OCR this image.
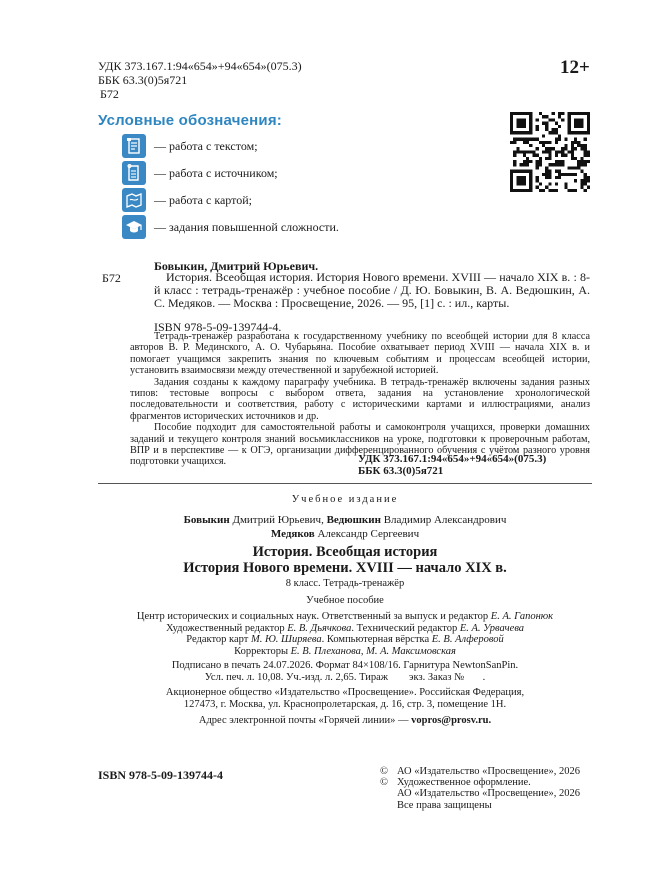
УДК 373.167.1:94«654»+94«654»(075.3)
ББК 63.3(0)5я721
Б72
12+
Условные обозначения:
— работа с текстом;
— работа с источником;
— работа с картой;
— задания повышенной сложности.
Бовыкин, Дмитрий Юрьевич.
Б72	История. Всеобщая история. История Нового времени. XVIII — начало XIX в. : 8-й класс : тетрадь-тренажёр : учебное пособие / Д. Ю. Бовыкин, В. А. Ведюшкин, А. С. Медяков. — Москва : Просвещение, 2026. — 95, [1] с. : ил., карты.
ISBN 978-5-09-139744-4.

Тетрадь-тренажёр разработана к государственному учебнику по всеобщей истории для 8 класса авторов В. Р. Мединского, А. О. Чубарьяна. Пособие охватывает период XVIII — начала XIX в. и помогает учащимся закрепить знания по ключевым событиям и процессам всеобщей истории, установить взаимосвязи между отечественной и зарубежной историей.

Задания созданы к каждому параграфу учебника. В тетрадь-тренажёр включены задания разных типов: тестовые вопросы с выбором ответа, задания на установление хронологической последовательности и соответствия, работу с историческими картами и иллюстрациями, анализ фрагментов исторических источников и др.

Пособие подходит для самостоятельной работы и самоконтроля учащихся, проверки домашних заданий и текущего контроля знаний восьмиклассников на уроке, подготовки к проверочным работам, ВПР и в перспективе — к ОГЭ, организации дифференцированного обучения с учётом разного уровня подготовки учащихся.	УДК 373.167.1:94«654»+94«654»(075.3)
ББК 63.3(0)5я721
Учебное издание
Бовыкин Дмитрий Юрьевич, Ведюшкин Владимир Александрович
Медяков Александр Сергеевич
История. Всеобщая история
История Нового времени. XVIII — начало XIX в.
8 класс. Тетрадь-тренажёр
Учебное пособие
Центр исторических и социальных наук. Ответственный за выпуск и редактор Е. А. Гапонюк
Художественный редактор Е. В. Дьячкова. Технический редактор Е. А. Урвачева
Редактор карт М. Ю. Ширяева. Компьютерная вёрстка Е. В. Алферовой
Корректоры Е. В. Плеханова, М. А. Максимовская
Подписано в печать 24.07.2026. Формат 84×108/16. Гарнитура NewtonSanPin.
Усл. печ. л. 10,08. Уч.-изд. л. 2,65. Тираж        экз. Заказ №       .
Акционерное общество «Издательство «Просвещение». Российская Федерация,
127473, г. Москва, ул. Краснопролетарская, д. 16, стр. 3, помещение 1Н.
Адрес электронной почты «Горячей линии» — vopros@prosv.ru.
ISBN 978-5-09-139744-4	© АО «Издательство «Просвещение», 2026
© Художественное оформление.
АО «Издательство «Просвещение», 2026
Все права защищены
